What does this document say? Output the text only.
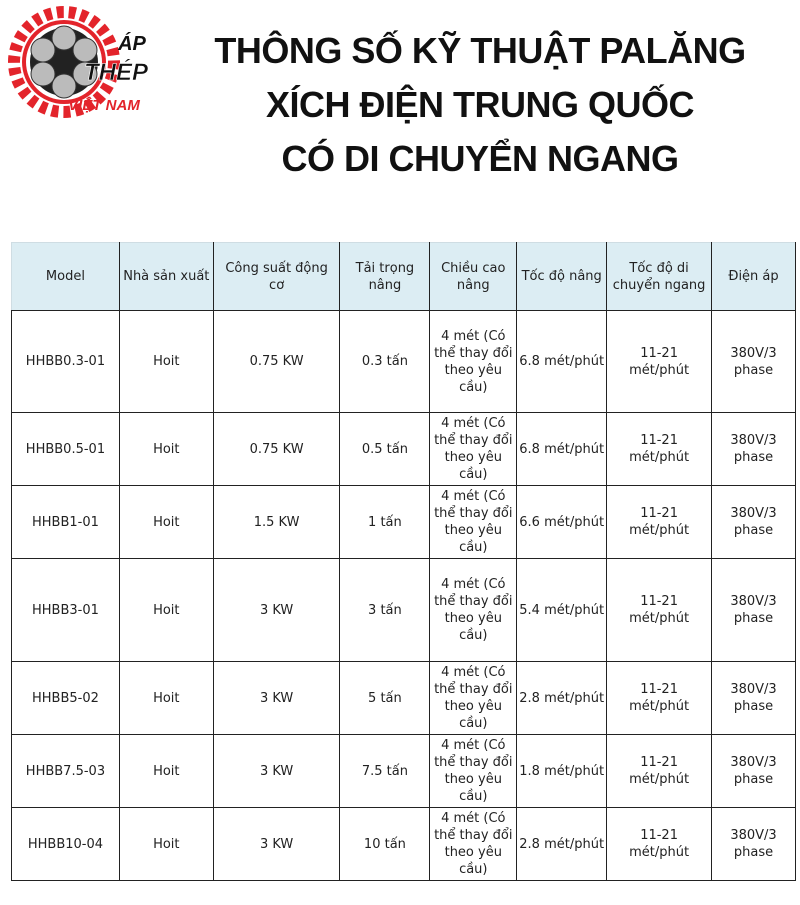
THÔNG SỐ KỸ THUẬT PALĂNG
XÍCH ĐIỆN TRUNG QUỐC
CÓ DI CHUYỂN NGANG
ÁP
THÉP
VIỆT NAM
Model	Nhà sản xuất	Công suất động cơ	Tải trọng nâng	Chiều cao nâng	Tốc độ nâng	Tốc độ di chuyển ngang	Điện áp
HHBB0.3-01	Hoit	0.75 KW	0.3 tấn	4 mét (Có thể thay đổi theo yêu cầu)	6.8 mét/phút	11-21 mét/phút	380V/3 phase
HHBB0.5-01	Hoit	0.75 KW	0.5 tấn	4 mét (Có thể thay đổi theo yêu cầu)	6.8 mét/phút	11-21 mét/phút	380V/3 phase
HHBB1-01	Hoit	1.5 KW	1 tấn	4 mét (Có thể thay đổi theo yêu cầu)	6.6 mét/phút	11-21 mét/phút	380V/3 phase
HHBB3-01	Hoit	3 KW	3 tấn	4 mét (Có thể thay đổi theo yêu cầu)	5.4 mét/phút	11-21 mét/phút	380V/3 phase
HHBB5-02	Hoit	3 KW	5 tấn	4 mét (Có thể thay đổi theo yêu cầu)	2.8 mét/phút	11-21 mét/phút	380V/3 phase
HHBB7.5-03	Hoit	3 KW	7.5 tấn	4 mét (Có thể thay đổi theo yêu cầu)	1.8 mét/phút	11-21 mét/phút	380V/3 phase
HHBB10-04	Hoit	3 KW	10 tấn	4 mét (Có thể thay đổi theo yêu cầu)	2.8 mét/phút	11-21 mét/phút	380V/3 phase
